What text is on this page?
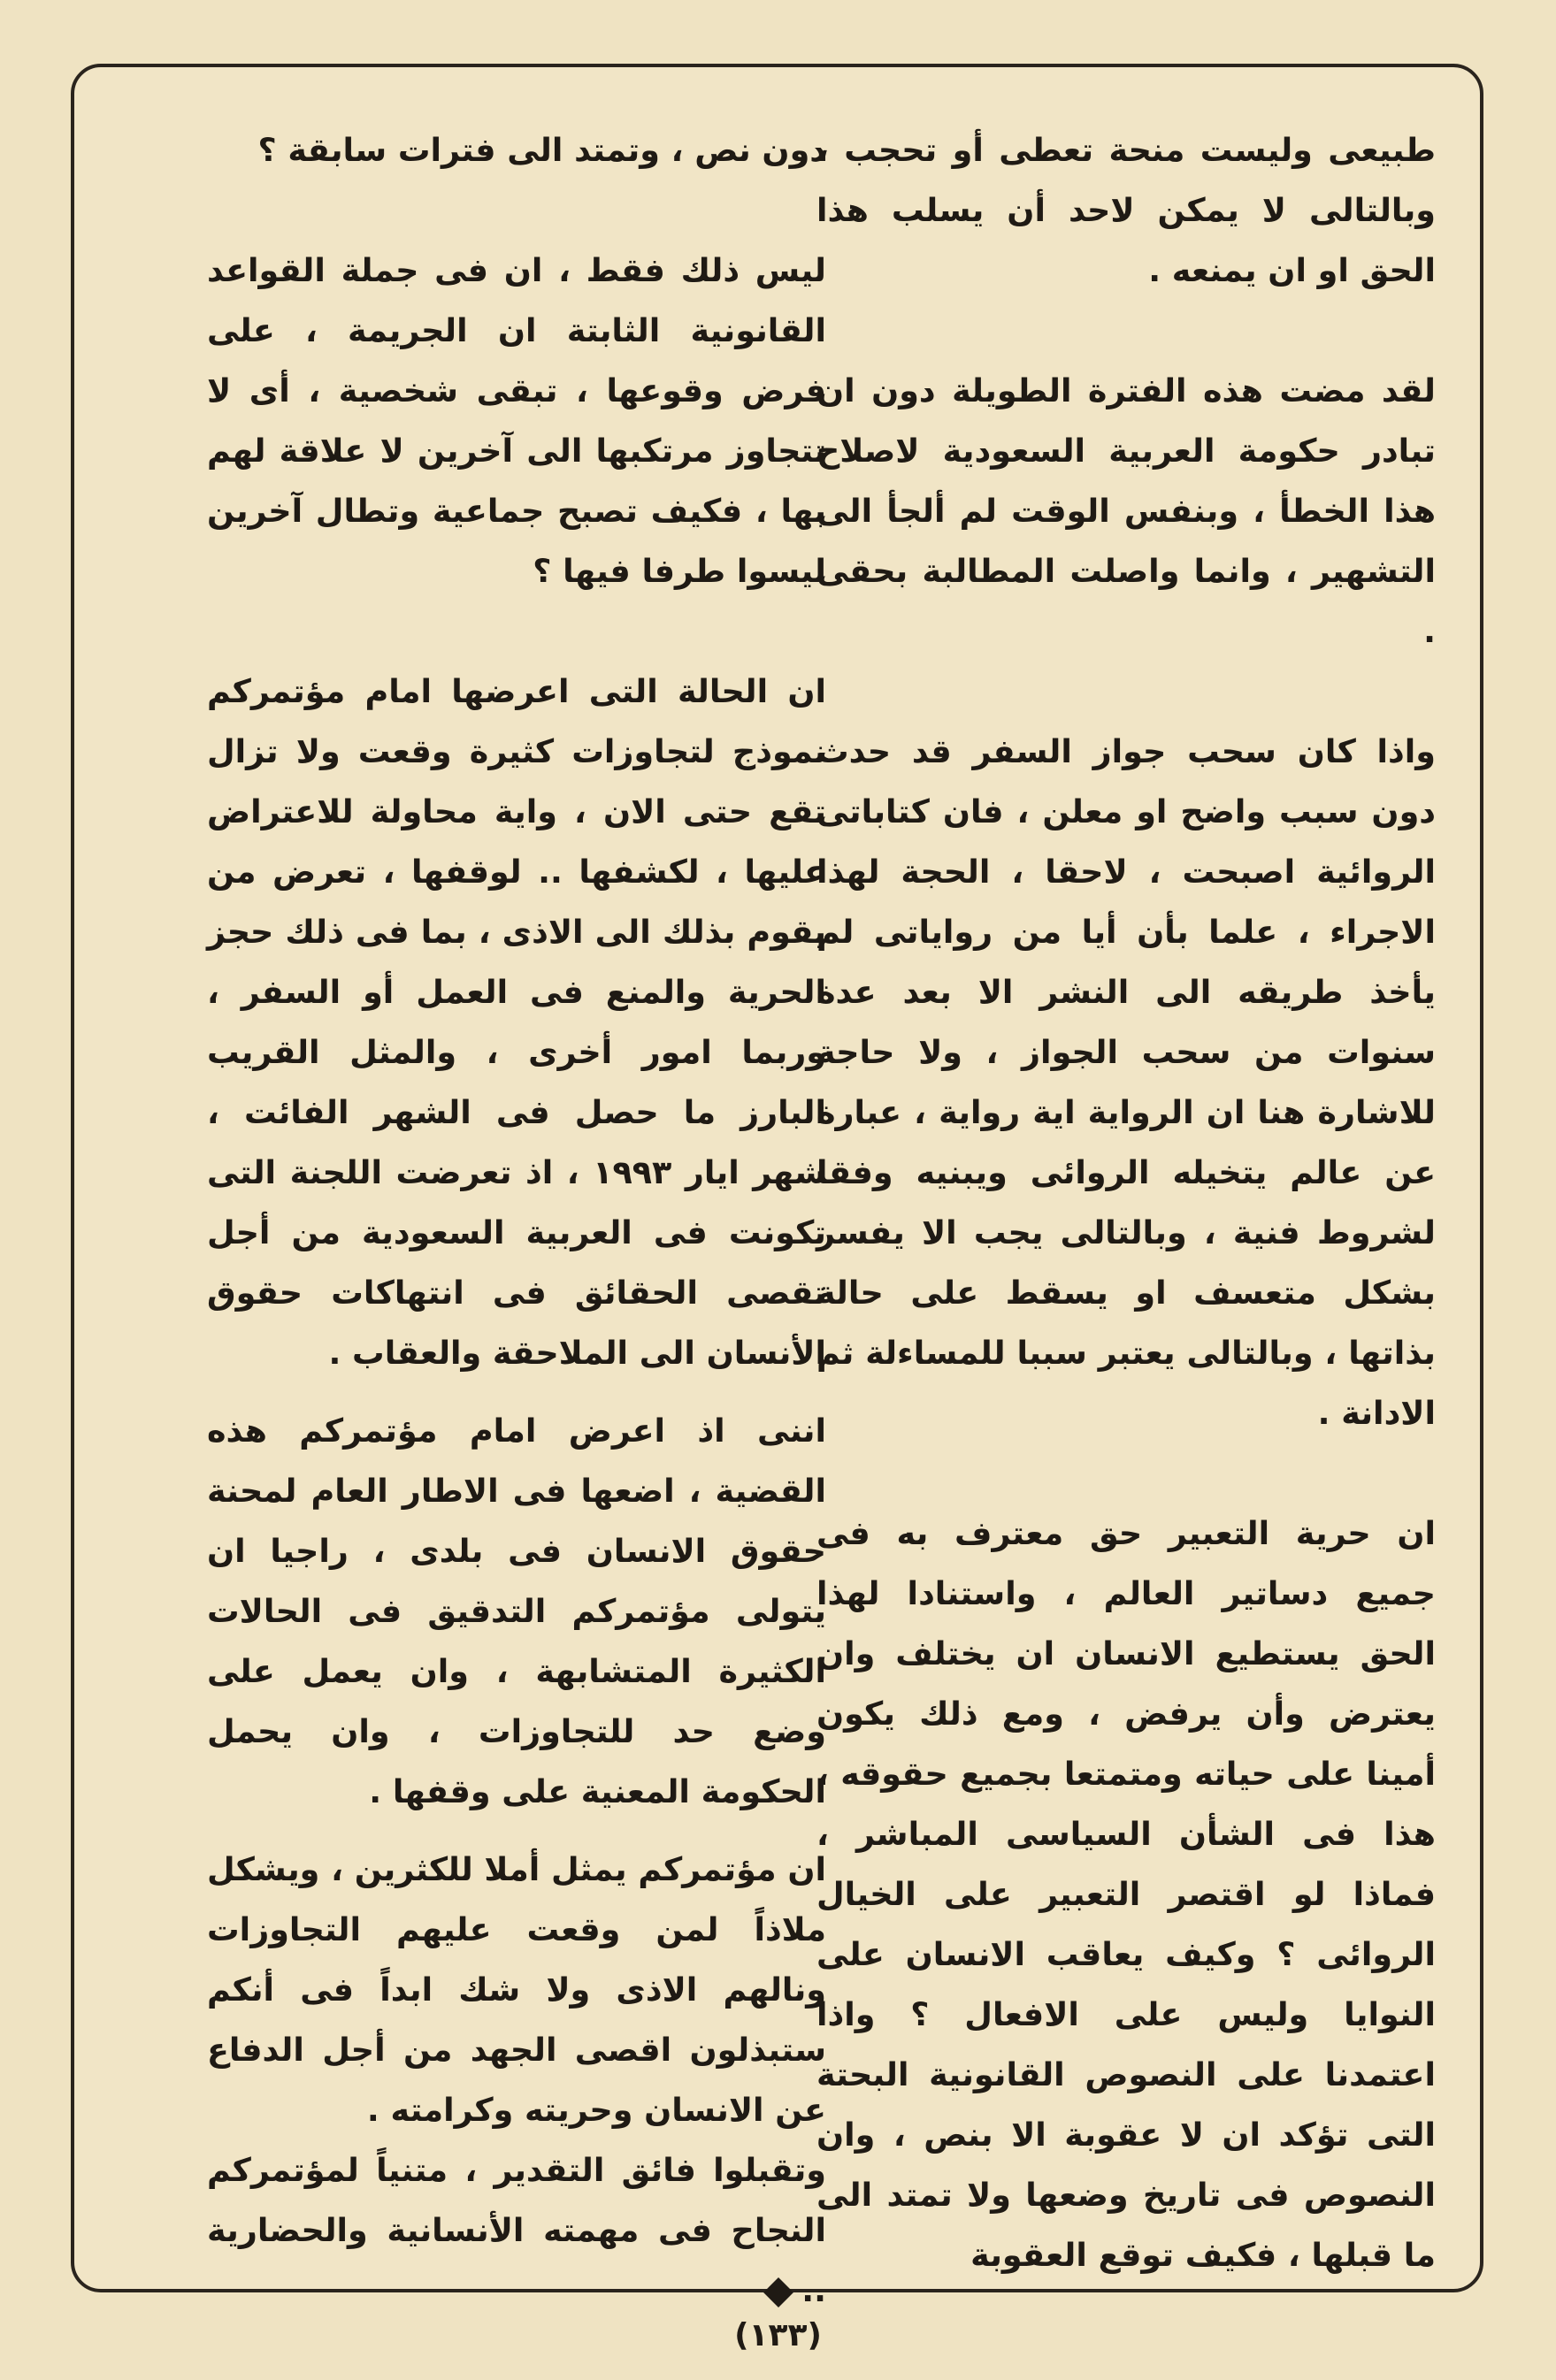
طبيعى وليست منحة تعطى أو تحجب ، وبالتالى لا يمكن لاحد أن يسلب هذا الحق او ان يمنعه .

لقد مضت هذه الفترة الطويلة دون ان تبادر حكومة العربية السعودية لاصلاح هذا الخطأ ، وبنفس الوقت لم ألجأ الى التشهير ، وانما واصلت المطالبة بحقى .

واذا كان سحب جواز السفر قد حدث دون سبب واضح او معلن ، فان كتاباتى الروائية اصبحت ، لاحقا ، الحجة لهذا الاجراء ، علما بأن أيا من رواياتى لم يأخذ طريقه الى النشر الا بعد عدة سنوات من سحب الجواز ، ولا حاجة للاشارة هنا ان الرواية اية رواية ، عبارة عن عالم يتخيله الروائى ويبنيه وفقا لشروط فنية ، وبالتالى يجب الا يفسر بشكل متعسف او يسقط على حالة بذاتها ، وبالتالى يعتبر سببا للمساءلة ثم الادانة .

ان حرية التعبير حق معترف به فى جميع دساتير العالم ، واستنادا لهذا الحق يستطيع الانسان ان يختلف وان يعترض وأن يرفض ، ومع ذلك يكون أمينا على حياته ومتمتعا بجميع حقوقه ، هذا فى الشأن السياسى المباشر ، فماذا لو اقتصر التعبير على الخيال الروائى ؟ وكيف يعاقب الانسان على النوايا وليس على الافعال ؟ واذا اعتمدنا على النصوص القانونية البحتة التى تؤكد ان لا عقوبة الا بنص ، وان النصوص فى تاريخ وضعها ولا تمتد الى ما قبلها ، فكيف توقع العقوبة

دون نص ، وتمتد الى فترات سابقة ؟

ليس ذلك فقط ، ان فى جملة القواعد القانونية الثابتة ان الجريمة ، على فرض وقوعها ، تبقى شخصية ، أى لا تتجاوز مرتكبها الى آخرين لا علاقة لهم بها ، فكيف تصبح جماعية وتطال آخرين ليسوا طرفا فيها ؟

ان الحالة التى اعرضها امام مؤتمركم نموذج لتجاوزات كثيرة وقعت ولا تزال تقع حتى الان ، واية محاولة للاعتراض عليها ، لكشفها .. لوقفها ، تعرض من يقوم بذلك الى الاذى ، بما فى ذلك حجز الحرية والمنع فى العمل أو السفر ، وربما امور أخرى ، والمثل القريب البارز ما حصل فى الشهر الفائت ، شهر ايار ١٩٩٣ ، اذ تعرضت اللجنة التى تكونت فى العربية السعودية من أجل تقصى الحقائق فى انتهاكات حقوق الأنسان الى الملاحقة والعقاب .

اننى اذ اعرض امام مؤتمركم هذه القضية ، اضعها فى الاطار العام لمحنة حقوق الانسان فى بلدى ، راجيا ان يتولى مؤتمركم التدقيق فى الحالات الكثيرة المتشابهة ، وان يعمل على وضع حد للتجاوزات ، وان يحمل الحكومة المعنية على وقفها .

ان مؤتمركم يمثل أملا للكثرين ، ويشكل ملاذاً لمن وقعت عليهم التجاوزات ونالهم الاذى ولا شك ابداً فى أنكم ستبذلون اقصى الجهد من أجل الدفاع عن الانسان وحريته وكرامته .

وتقبلوا فائق التقدير ، متنياً لمؤتمركم النجاح فى مهمته الأنسانية والحضارية ..

(١٣٣)
